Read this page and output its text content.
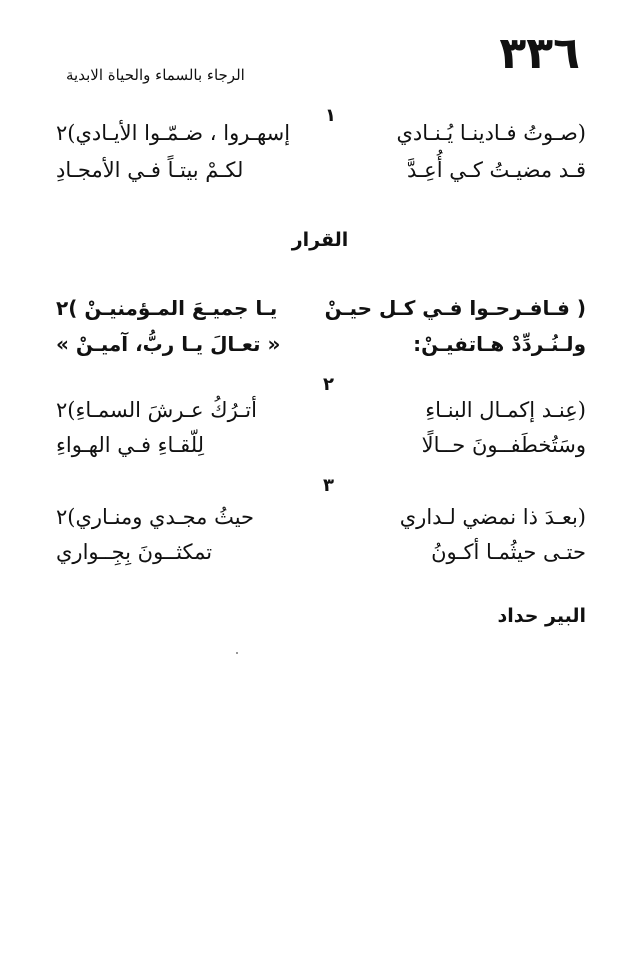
٣٣٦
الرجاء بالسماء والحياة الابدية
١
(صـوتُ فـادينـا يُـنـادي
إسهـروا ، ضـمّـوا الأيـادي)٢
قـد مضيـتُ كـي أُعِـدَّ
لكـمْ بيتـاً فـي الأمجـادِ
القرار
( فـافـرحـوا فـي كـل حيـنْ
يـا جميـعَ المـؤمنيـنْ )٢
ولـنُـردِّدْ هـاتفيـنْ:
« تعـالَ يـا ربُّ، آميـنْ »
٢
(عِنـد إكمـال البنـاءِ
أتـرُكُ عـرشَ السمـاءِ)٢
وسَتُخطَفــونَ حــالًا
لِلّقـاءِ فـي الهـواءِ
٣
(بعـدَ ذا نمضي لـداري
حيثُ مجـدي ومنـاري)٢
حتـى حيثُمـا أكـونُ
تمكثــونَ بِجِــواري
البير حداد
